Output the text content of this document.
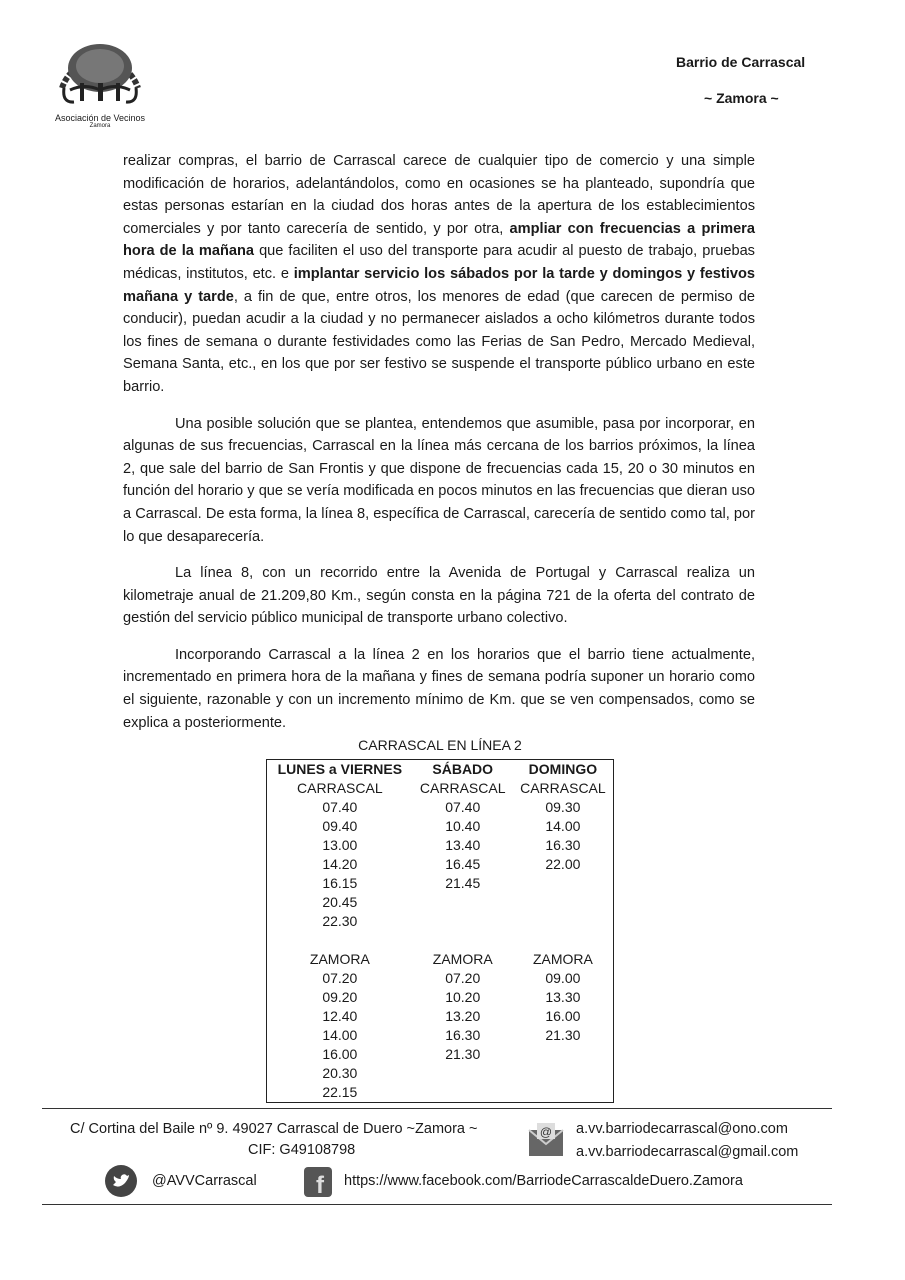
Asociación de Vecinos
Zamora
Barrio de Carrascal
~ Zamora ~

realizar compras, el barrio de Carrascal carece de cualquier tipo de comercio y una simple modificación de horarios, adelantándolos, como en ocasiones se ha planteado, supondría que estas personas estarían en la ciudad dos horas antes de la apertura de los establecimientos comerciales y por tanto carecería de sentido, y por otra, ampliar con frecuencias a primera hora de la mañana que faciliten el uso del transporte para acudir al puesto de trabajo, pruebas médicas, institutos, etc. e implantar servicio los sábados por la tarde y domingos y festivos mañana y tarde, a fin de que, entre otros, los menores de edad (que carecen de permiso de conducir), puedan acudir a la ciudad y no permanecer aislados a ocho kilómetros durante todos los fines de semana o durante festividades como las Ferias de San Pedro, Mercado Medieval, Semana Santa, etc., en los que por ser festivo se suspende el transporte público urbano en este barrio.

Una posible solución que se plantea, entendemos que asumible, pasa por incorporar, en algunas de sus frecuencias, Carrascal en la línea más cercana de los barrios próximos, la línea 2, que sale del barrio de San Frontis y que dispone de frecuencias cada 15, 20 o 30 minutos en función del horario y que se vería modificada en pocos minutos en las frecuencias que dieran uso a Carrascal. De esta forma, la línea 8, específica de Carrascal, carecería de sentido como tal, por lo que desaparecería.

La línea 8, con un recorrido entre la Avenida de Portugal y Carrascal realiza un kilometraje anual de 21.209,80 Km., según consta en la página 721 de la oferta del contrato de gestión del servicio público municipal de transporte urbano colectivo.

Incorporando Carrascal a la línea 2 en los horarios que el barrio tiene actualmente, incrementado en primera hora de la mañana y fines de semana podría suponer un horario como el siguiente, razonable y con un incremento mínimo de Km. que se ven compensados, como se explica a posteriormente.

CARRASCAL EN LÍNEA 2
LUNES a VIERNES	SÁBADO	DOMINGO
CARRASCAL	CARRASCAL	CARRASCAL
07.40	07.40	09.30
09.40	10.40	14.00
13.00	13.40	16.30
14.20	16.45	22.00
16.15	21.45	
20.45		
22.30		

ZAMORA	ZAMORA	ZAMORA
07.20	07.20	09.00
09.20	10.20	13.30
12.40	13.20	16.00
14.00	16.30	21.30
16.00	21.30	
20.30		
22.15		
C/ Cortina del Baile nº 9. 49027 Carrascal de Duero ~Zamora ~
CIF: G49108798
@ a.vv.barriodecarrascal@ono.com
a.vv.barriodecarrascal@gmail.com
@AVVCarrascal f https://www.facebook.com/BarriodeCarrascaldeDuero.Zamora
